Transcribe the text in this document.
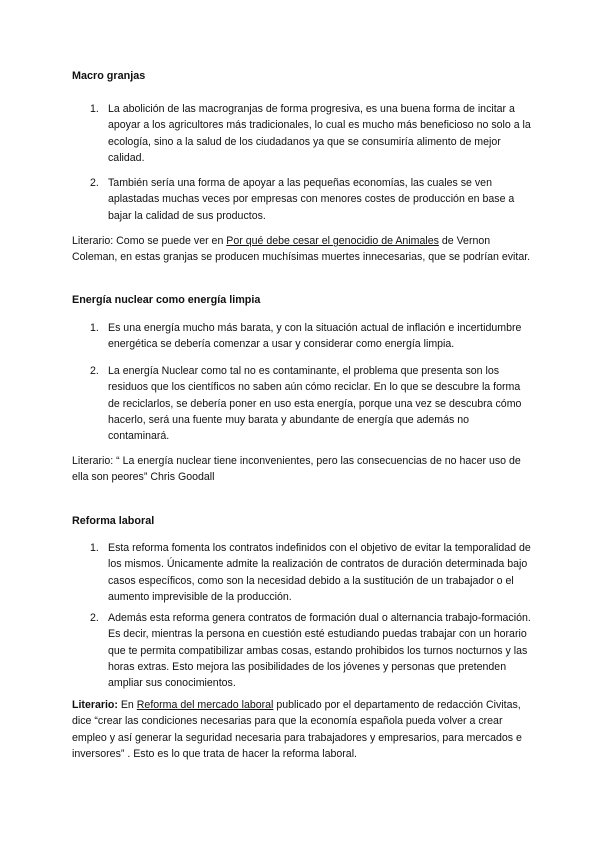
Macro granjas

1. La abolición de las macrogranjas de forma progresiva, es una buena forma de incitar a apoyar a los agricultores más tradicionales, lo cual es mucho más beneficioso no solo a la ecología, sino a la salud de los ciudadanos ya que se consumiría alimento de mejor calidad.
2. También sería una forma de apoyar a las pequeñas economías, las cuales se ven aplastadas muchas veces por empresas con menores costes de producción en base a bajar la calidad de sus productos.

Literario: Como se puede ver en Por qué debe cesar el genocidio de Animales de Vernon Coleman, en estas granjas se producen muchísimas muertes innecesarias, que se podrían evitar.

Energía nuclear como energía limpia

1. Es una energía mucho más barata, y con la situación actual de inflación e incertidumbre energética se debería comenzar a usar y considerar como energía limpia.
2. La energía Nuclear como tal no es contaminante, el problema que presenta son los residuos que los científicos no saben aún cómo reciclar. En lo que se descubre la forma de reciclarlos, se debería poner en uso esta energía, porque una vez se descubra cómo hacerlo, será una fuente muy barata y abundante de energía que además no contaminará.

Literario: “ La energía nuclear tiene inconvenientes, pero las consecuencias de no hacer uso de ella son peores” Chris Goodall

Reforma laboral

1. Esta reforma fomenta los contratos indefinidos con el objetivo de evitar la temporalidad de los mismos. Únicamente admite la realización de contratos de duración determinada bajo casos específicos, como son la necesidad debido a la sustitución de un trabajador o el aumento imprevisible de la producción.
2. Además esta reforma genera contratos de formación dual o alternancia trabajo-formación. Es decir, mientras la persona en cuestión esté estudiando puedas trabajar con un horario que te permita compatibilizar ambas cosas, estando prohibidos los turnos nocturnos y las horas extras. Esto mejora las posibilidades de los jóvenes y personas que pretenden ampliar sus conocimientos.

Literario: En Reforma del mercado laboral publicado por el departamento de redacción Civitas, dice “crear las condiciones necesarias para que la economía española pueda volver a crear empleo y así generar la seguridad necesaria para trabajadores y empresarios, para mercados e inversores” . Esto es lo que trata de hacer la reforma laboral.
